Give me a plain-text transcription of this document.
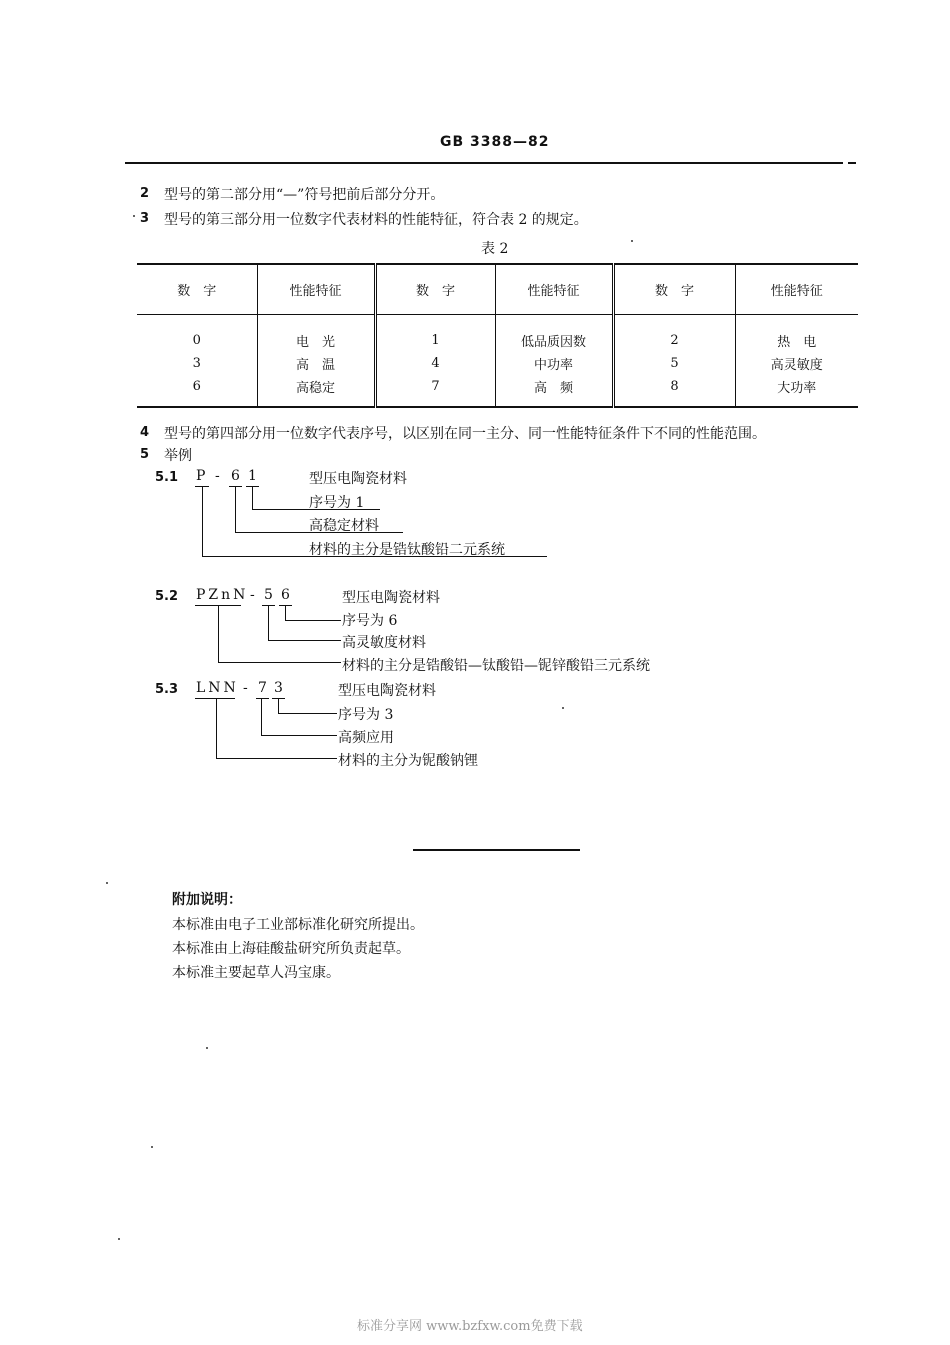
GB 3388—82
2 型号的第二部分用“—”符号把前后部分分开。
3 型号的第三部分用一位数字代表材料的性能特征，符合表 2 的规定。
表 2
数　字	性能特征	数　字	性能特征	数　字	性能特征
0	电　光	1	低品质因数	2	热　电
3	高　温	4	中功率	5	高灵敏度
6	高稳定	7	高　频	8	大功率
4 型号的第四部分用一位数字代表序号，以区别在同一主分、同一性能特征条件下不同的性能范围。
5 举例
5.1 P - 6 1	型压电陶瓷材料
序号为 1
高稳定材料
材料的主分是锆钛酸铅二元系统
5.2 PZnN - 5 6	型压电陶瓷材料
序号为 6
高灵敏度材料
材料的主分是锆酸铅—钛酸铅—铌锌酸铅三元系统
5.3 LNN - 7 3	型压电陶瓷材料
序号为 3
高频应用
材料的主分为铌酸钠锂
附加说明：
本标准由电子工业部标准化研究所提出。
本标准由上海硅酸盐研究所负责起草。
本标准主要起草人冯宝康。
标准分享网 www.bzfxw.com免费下载
